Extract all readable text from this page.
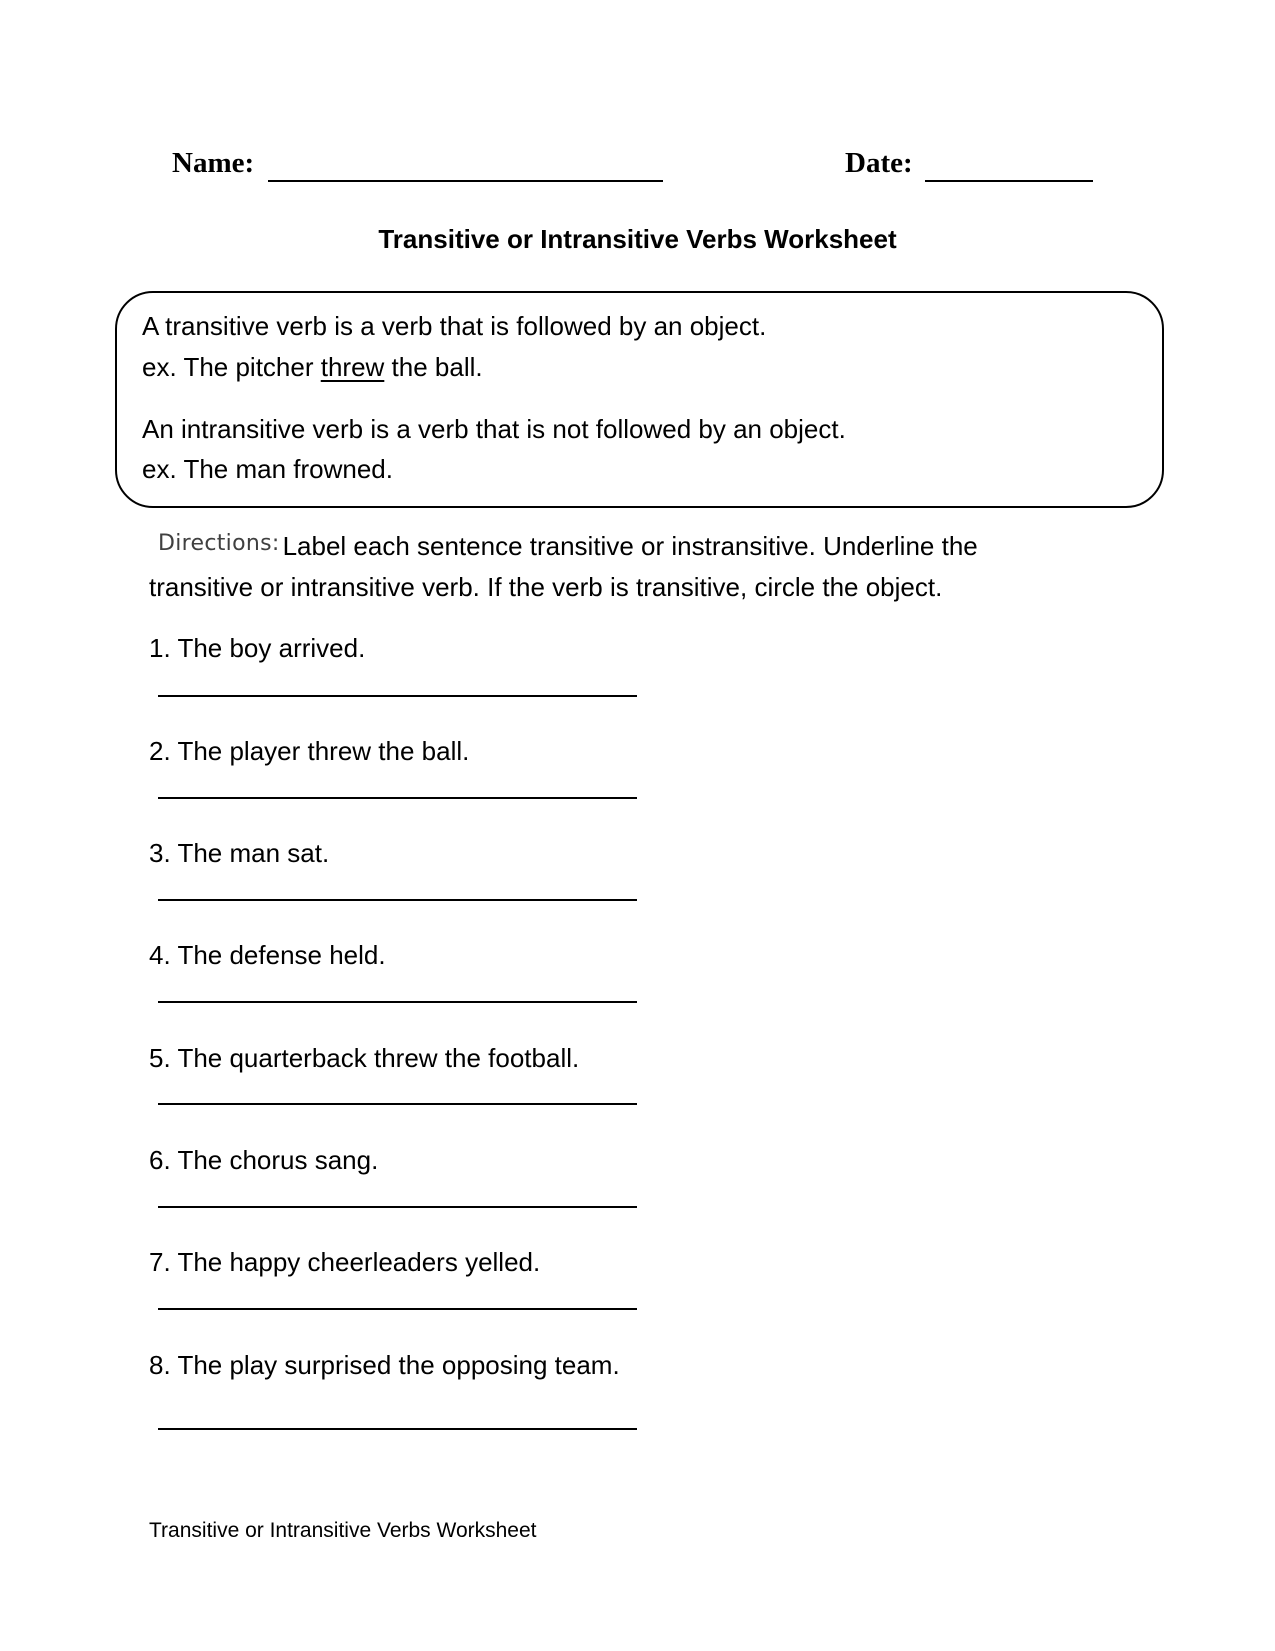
Name:	Date:
Transitive or Intransitive Verbs Worksheet
A transitive verb is a verb that is followed by an object.
ex. The pitcher threw the ball.
An intransitive verb is a verb that is not followed by an object.
ex. The man frowned.
Directions: Label each sentence transitive or instransitive. Underline the
transitive or intransitive verb. If the verb is transitive, circle the object.
1. The boy arrived.
2. The player threw the ball.
3. The man sat.
4. The defense held.
5. The quarterback threw the football.
6. The chorus sang.
7. The happy cheerleaders yelled.
8. The play surprised the opposing team.
Transitive or Intransitive Verbs Worksheet
